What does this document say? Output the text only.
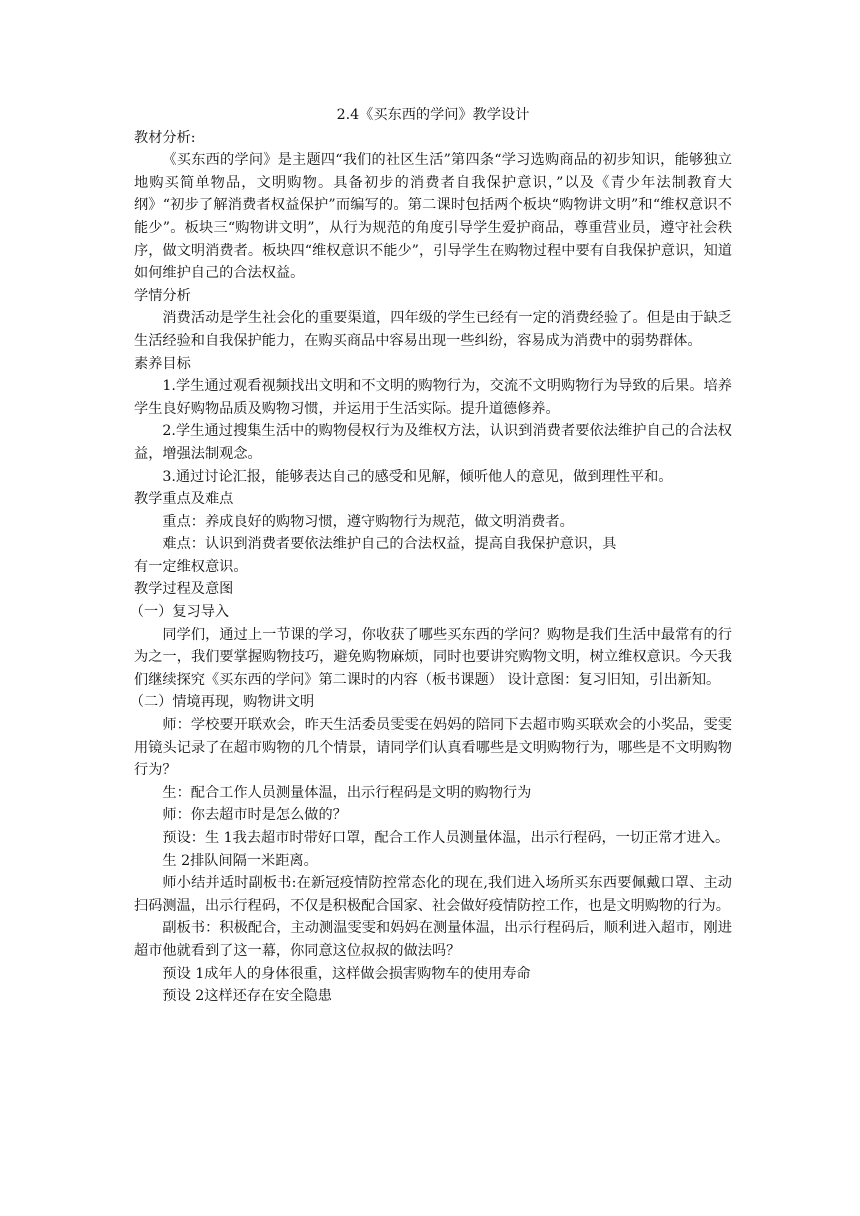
2.4《买东西的学问》教学设计

教材分析:

《买东西的学问》是主题四“我们的社区生活”第四条“学习选购商品的初步知识，能够独立地购买简单物品，文明购物。具备初步的消费者自我保护意识，”以及《青少年法制教育大纲》“初步了解消费者权益保护”而编写的。第二课时包括两个板块“购物讲文明”和“维权意识不能少”。板块三“购物讲文明”，从行为规范的角度引导学生爱护商品，尊重营业员，遵守社会秩序，做文明消费者。板块四“维权意识不能少”，引导学生在购物过程中要有自我保护意识，知道如何维护自己的合法权益。

学情分析

消费活动是学生社会化的重要渠道，四年级的学生已经有一定的消费经验了。但是由于缺乏生活经验和自我保护能力，在购买商品中容易出现一些纠纷，容易成为消费中的弱势群体。

素养目标

1.学生通过观看视频找出文明和不文明的购物行为，交流不文明购物行为导致的后果。培养学生良好购物品质及购物习惯，并运用于生活实际。提升道德修养。

2.学生通过搜集生活中的购物侵权行为及维权方法，认识到消费者要依法维护自己的合法权益，增强法制观念。

3.通过讨论汇报，能够表达自己的感受和见解，倾听他人的意见，做到理性平和。

教学重点及难点

重点：养成良好的购物习惯，遵守购物行为规范，做文明消费者。

难点：认识到消费者要依法维护自己的合法权益，提高自我保护意识，具

有一定维权意识。

教学过程及意图

（一）复习导入

同学们，通过上一节课的学习，你收获了哪些买东西的学问？购物是我们生活中最常有的行为之一，我们要掌握购物技巧，避免购物麻烦，同时也要讲究购物文明，树立维权意识。今天我们继续探究《买东西的学问》第二课时的内容（板书课题） 设计意图：复习旧知，引出新知。

（二）情境再现，购物讲文明

师：学校要开联欢会，昨天生活委员雯雯在妈妈的陪同下去超市购买联欢会的小奖品，雯雯用镜头记录了在超市购物的几个情景，请同学们认真看哪些是文明购物行为，哪些是不文明购物行为？

生：配合工作人员测量体温，出示行程码是文明的购物行为

师：你去超市时是怎么做的？

预设：生 1我去超市时带好口罩，配合工作人员测量体温，出示行程码，一切正常才进入。

生 2排队间隔一米距离。

师小结并适时副板书:在新冠疫情防控常态化的现在,我们进入场所买东西要佩戴口罩、主动扫码测温，出示行程码，不仅是积极配合国家、社会做好疫情防控工作，也是文明购物的行为。

副板书：积极配合，主动测温雯雯和妈妈在测量体温，出示行程码后，顺利进入超市，刚进超市他就看到了这一幕，你同意这位叔叔的做法吗？

预设 1成年人的身体很重，这样做会损害购物车的使用寿命

预设 2这样还存在安全隐患
